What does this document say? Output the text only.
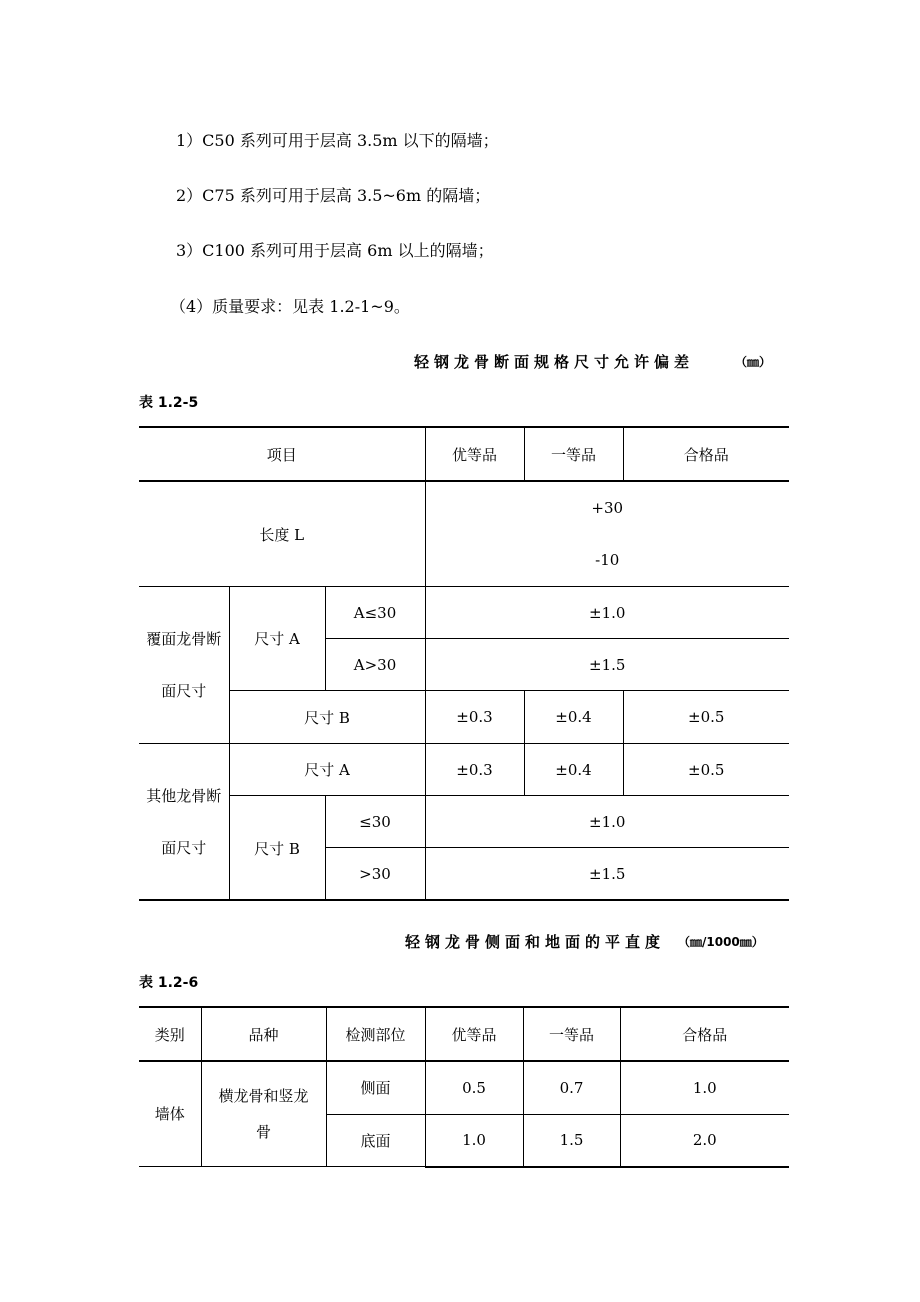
1）C50 系列可用于层高 3.5m 以下的隔墙；
2）C75 系列可用于层高 3.5~6m 的隔墙；
3）C100 系列可用于层高 6m 以上的隔墙；
（4）质量要求：见表 1.2-1~9。
轻钢龙骨断面规格尺寸允许偏差	（㎜）
表 1.2-5
项目			优等品	一等品	合格品
长度 L			+30
-10		

覆面龙骨断面尺寸	尺寸 A	A≤30	±1.0		
		A>30	±1.5		
	尺寸 B		±0.3	±0.4	±0.5
其他龙骨断面尺寸	尺寸 A		±0.3	±0.4	±0.5
	尺寸 B	≤30	±1.0		
		>30	±1.5		
轻钢龙骨侧面和地面的平直度 （㎜/1000㎜）
表 1.2-6
类别	品种	检测部位	优等品	一等品	合格品
墙体	横龙骨和竖龙骨	侧面	0.5	0.7	1.0
		底面	1.0	1.5	2.0
